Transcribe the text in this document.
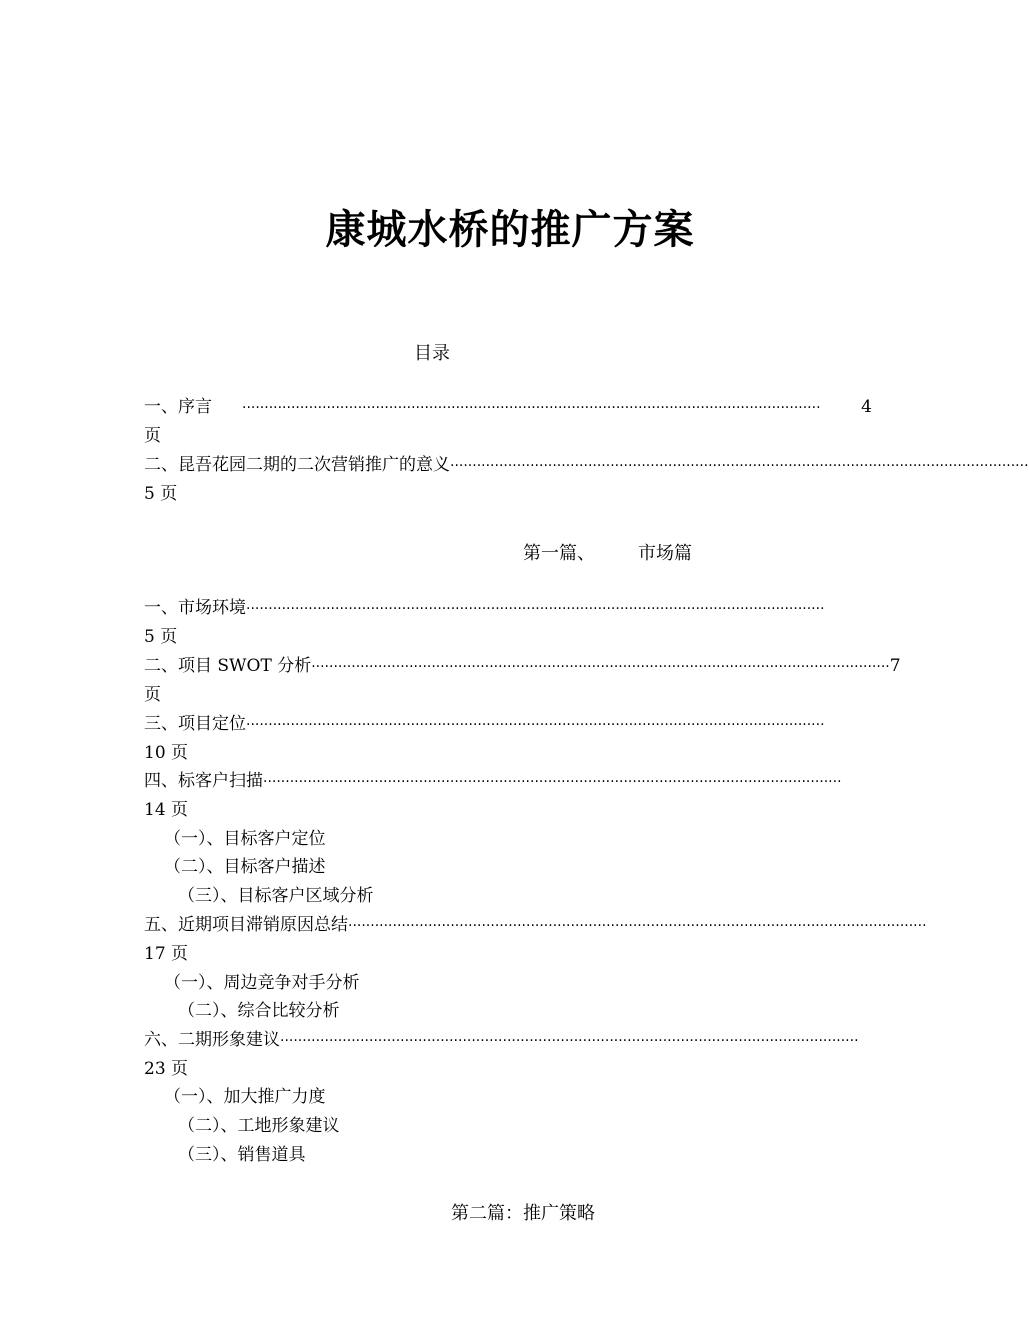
康城水桥的推广方案
目录
一、序言 ··································································································································	4
页
二、昆吾花园二期的二次营销推广的意义 ··································································································································
5 页
第一篇、 市场篇
一、市场环境 ··································································································································
5 页
二、项目 SWOT 分析 ·································································································································· 7
页
三、项目定位 ··································································································································
10 页
四、标客户扫描 ··································································································································
14 页
（一）、目标客户定位
（二）、目标客户描述
（三）、目标客户区域分析
五、近期项目滞销原因总结 ··································································································································
17 页
（一）、周边竞争对手分析
（二）、综合比较分析
六、二期形象建议 ··································································································································
23 页
（一）、加大推广力度
（二）、工地形象建议
（三）、销售道具
第二篇：推广策略
